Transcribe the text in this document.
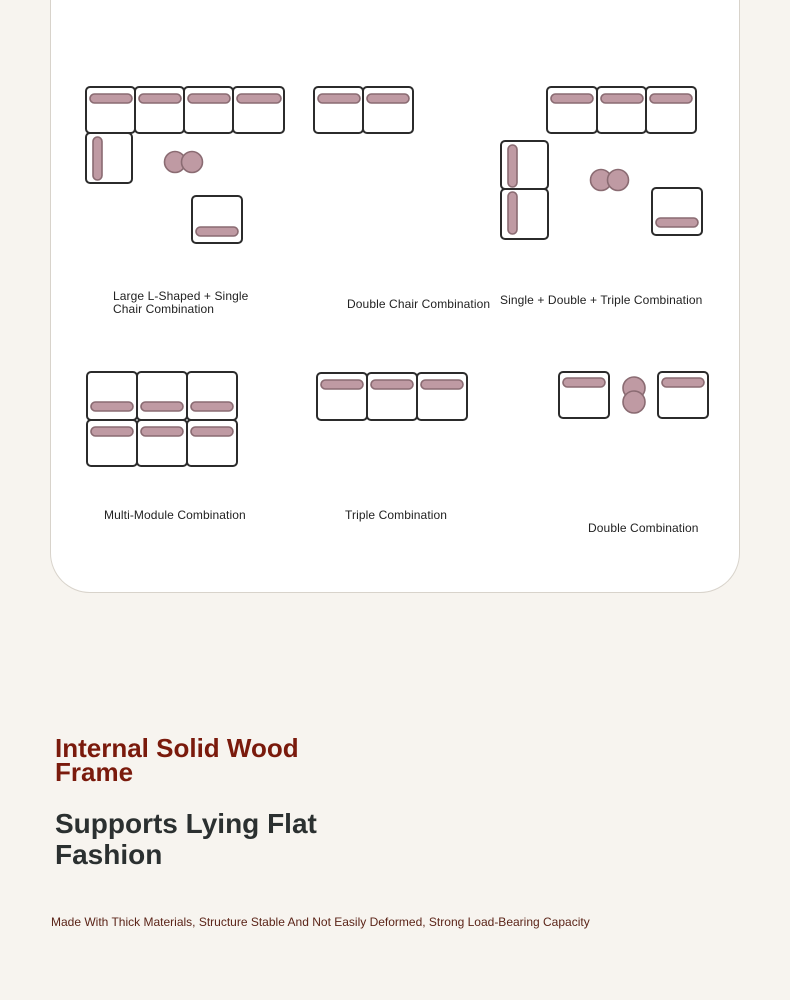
Large L-Shaped + Single Chair Combination	Double Chair Combination Single + Double + Triple Combination
Multi-Module Combination	Triple Combination
Double Combination
Internal Solid Wood Frame
Supports Lying Flat Fashion
Made With Thick Materials, Structure Stable And Not Easily Deformed, Strong Load-Bearing Capacity
